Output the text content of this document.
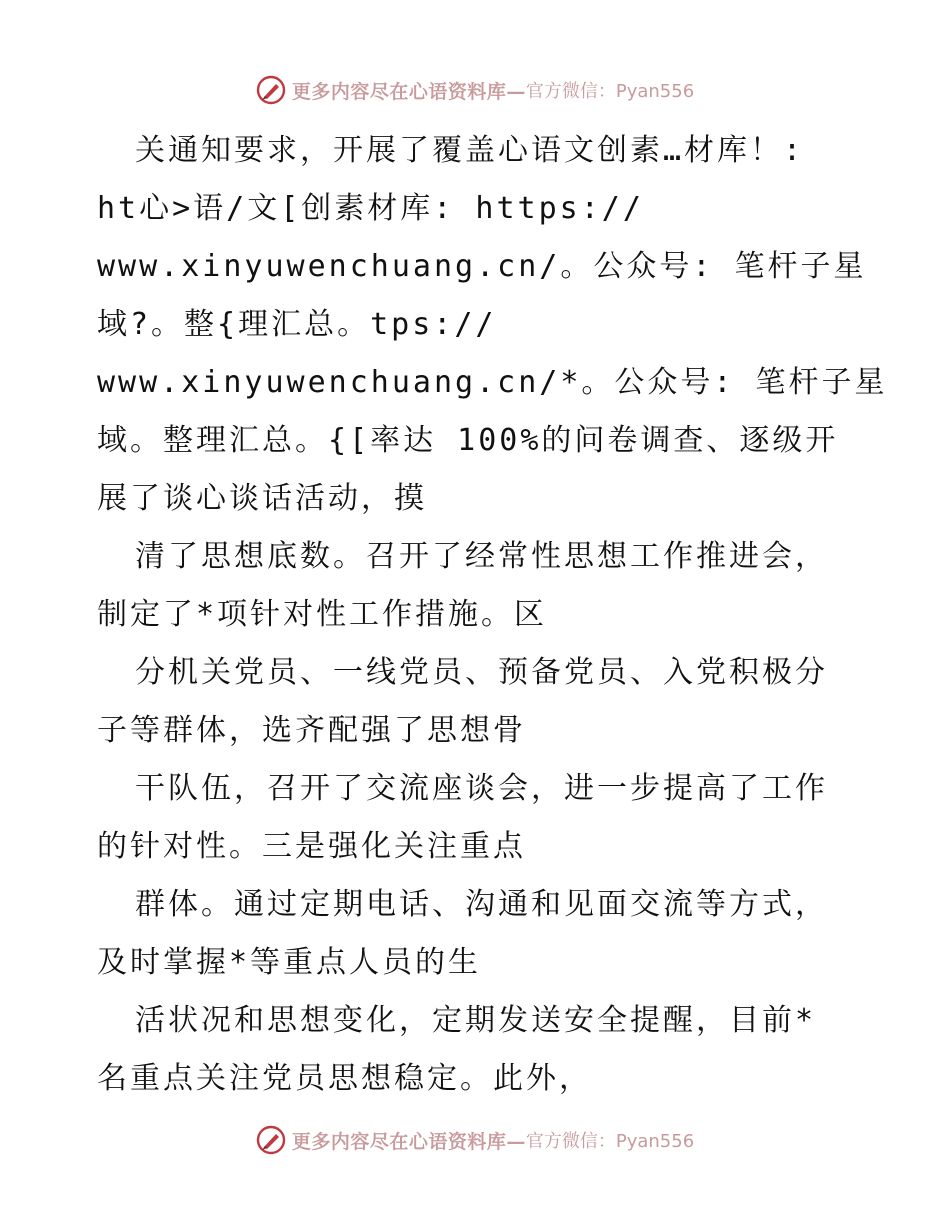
更多内容尽在心语资料库— 官方微信：Pyan556
关通知要求，开展了覆盖心语文创素…材库！:
ht心>语/文[创素材库: https://
www.xinyuwenchuang.cn/。公众号: 笔杆子星
域?。整{理汇总。tps://
www.xinyuwenchuang.cn/*。公众号: 笔杆子星
域。整理汇总。{[率达 100%的问卷调查、逐级开
展了谈心谈话活动，摸
清了思想底数。召开了经常性思想工作推进会，
制定了*项针对性工作措施。区
分机关党员、一线党员、预备党员、入党积极分
子等群体，选齐配强了思想骨
干队伍，召开了交流座谈会，进一步提高了工作
的针对性。三是强化关注重点
群体。通过定期电话、沟通和见面交流等方式，
及时掌握*等重点人员的生
活状况和思想变化，定期发送安全提醒，目前*
名重点关注党员思想稳定。此外，
更多内容尽在心语资料库— 官方微信：Pyan556
